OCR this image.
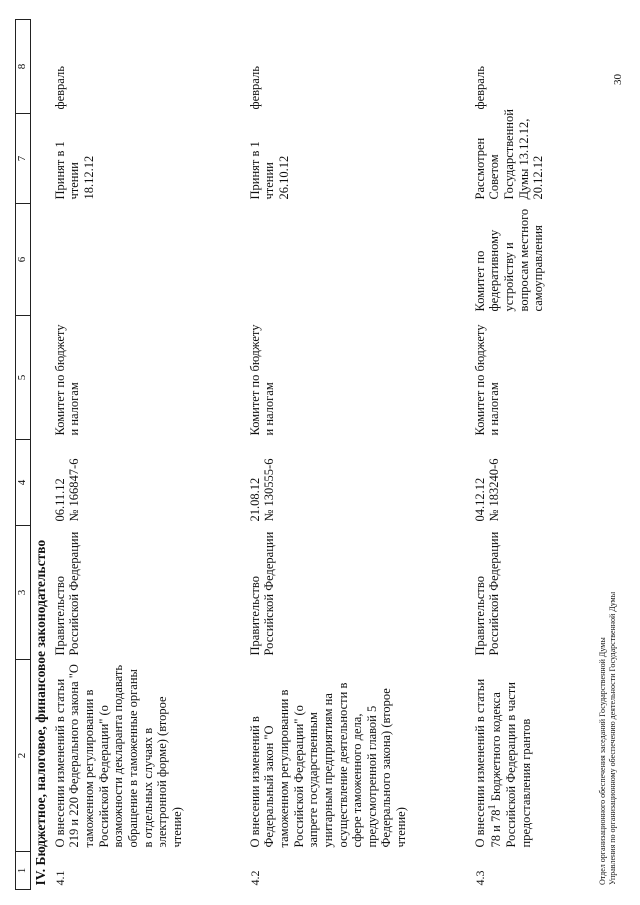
1	2	3	4	5	6	7	8
IV. Бюджетное, налоговое, финансовое законодательство							
4.1	О внесении изменений в статьи 219 и 220 Федерального закона "О таможенном регулировании в Российской Федерации" (о возможности декларанта подавать обращение в таможенные органы в отдельных случаях в электронной форме) (второе чтение)	Правительство Российской Федерации	06.11.12 № 166847-6	Комитет по бюджету и налогам		Принят в 1 чтении 18.12.12	февраль
4.2	О внесении изменений в Федеральный закон "О таможенном регулировании в Российской Федерации" (о запрете государственным унитарным предприятиям на осуществление деятельности в сфере таможенного дела, предусмотренной главой 5 Федерального закона) (второе чтение)	Правительство Российской Федерации	21.08.12 № 130555-6	Комитет по бюджету и налогам		Принят в 1 чтении 26.10.12	февраль
4.3	О внесении изменений в статьи 78 и $78^1$ Бюджетного кодекса Российской Федерации в части предоставления грантов	Правительство Российской Федерации	04.12.12 № 183240-6	Комитет по бюджету и налогам	Комитет по федеративному устройству и вопросам местного самоуправления	Рассмотрен Советом Государственной Думы 13.12.12, 20.12.12	февраль
Отдел организационного обеспечения заседаний Государственной Думы Управления по организационному обеспечению деятельности Государственной Думы
30
